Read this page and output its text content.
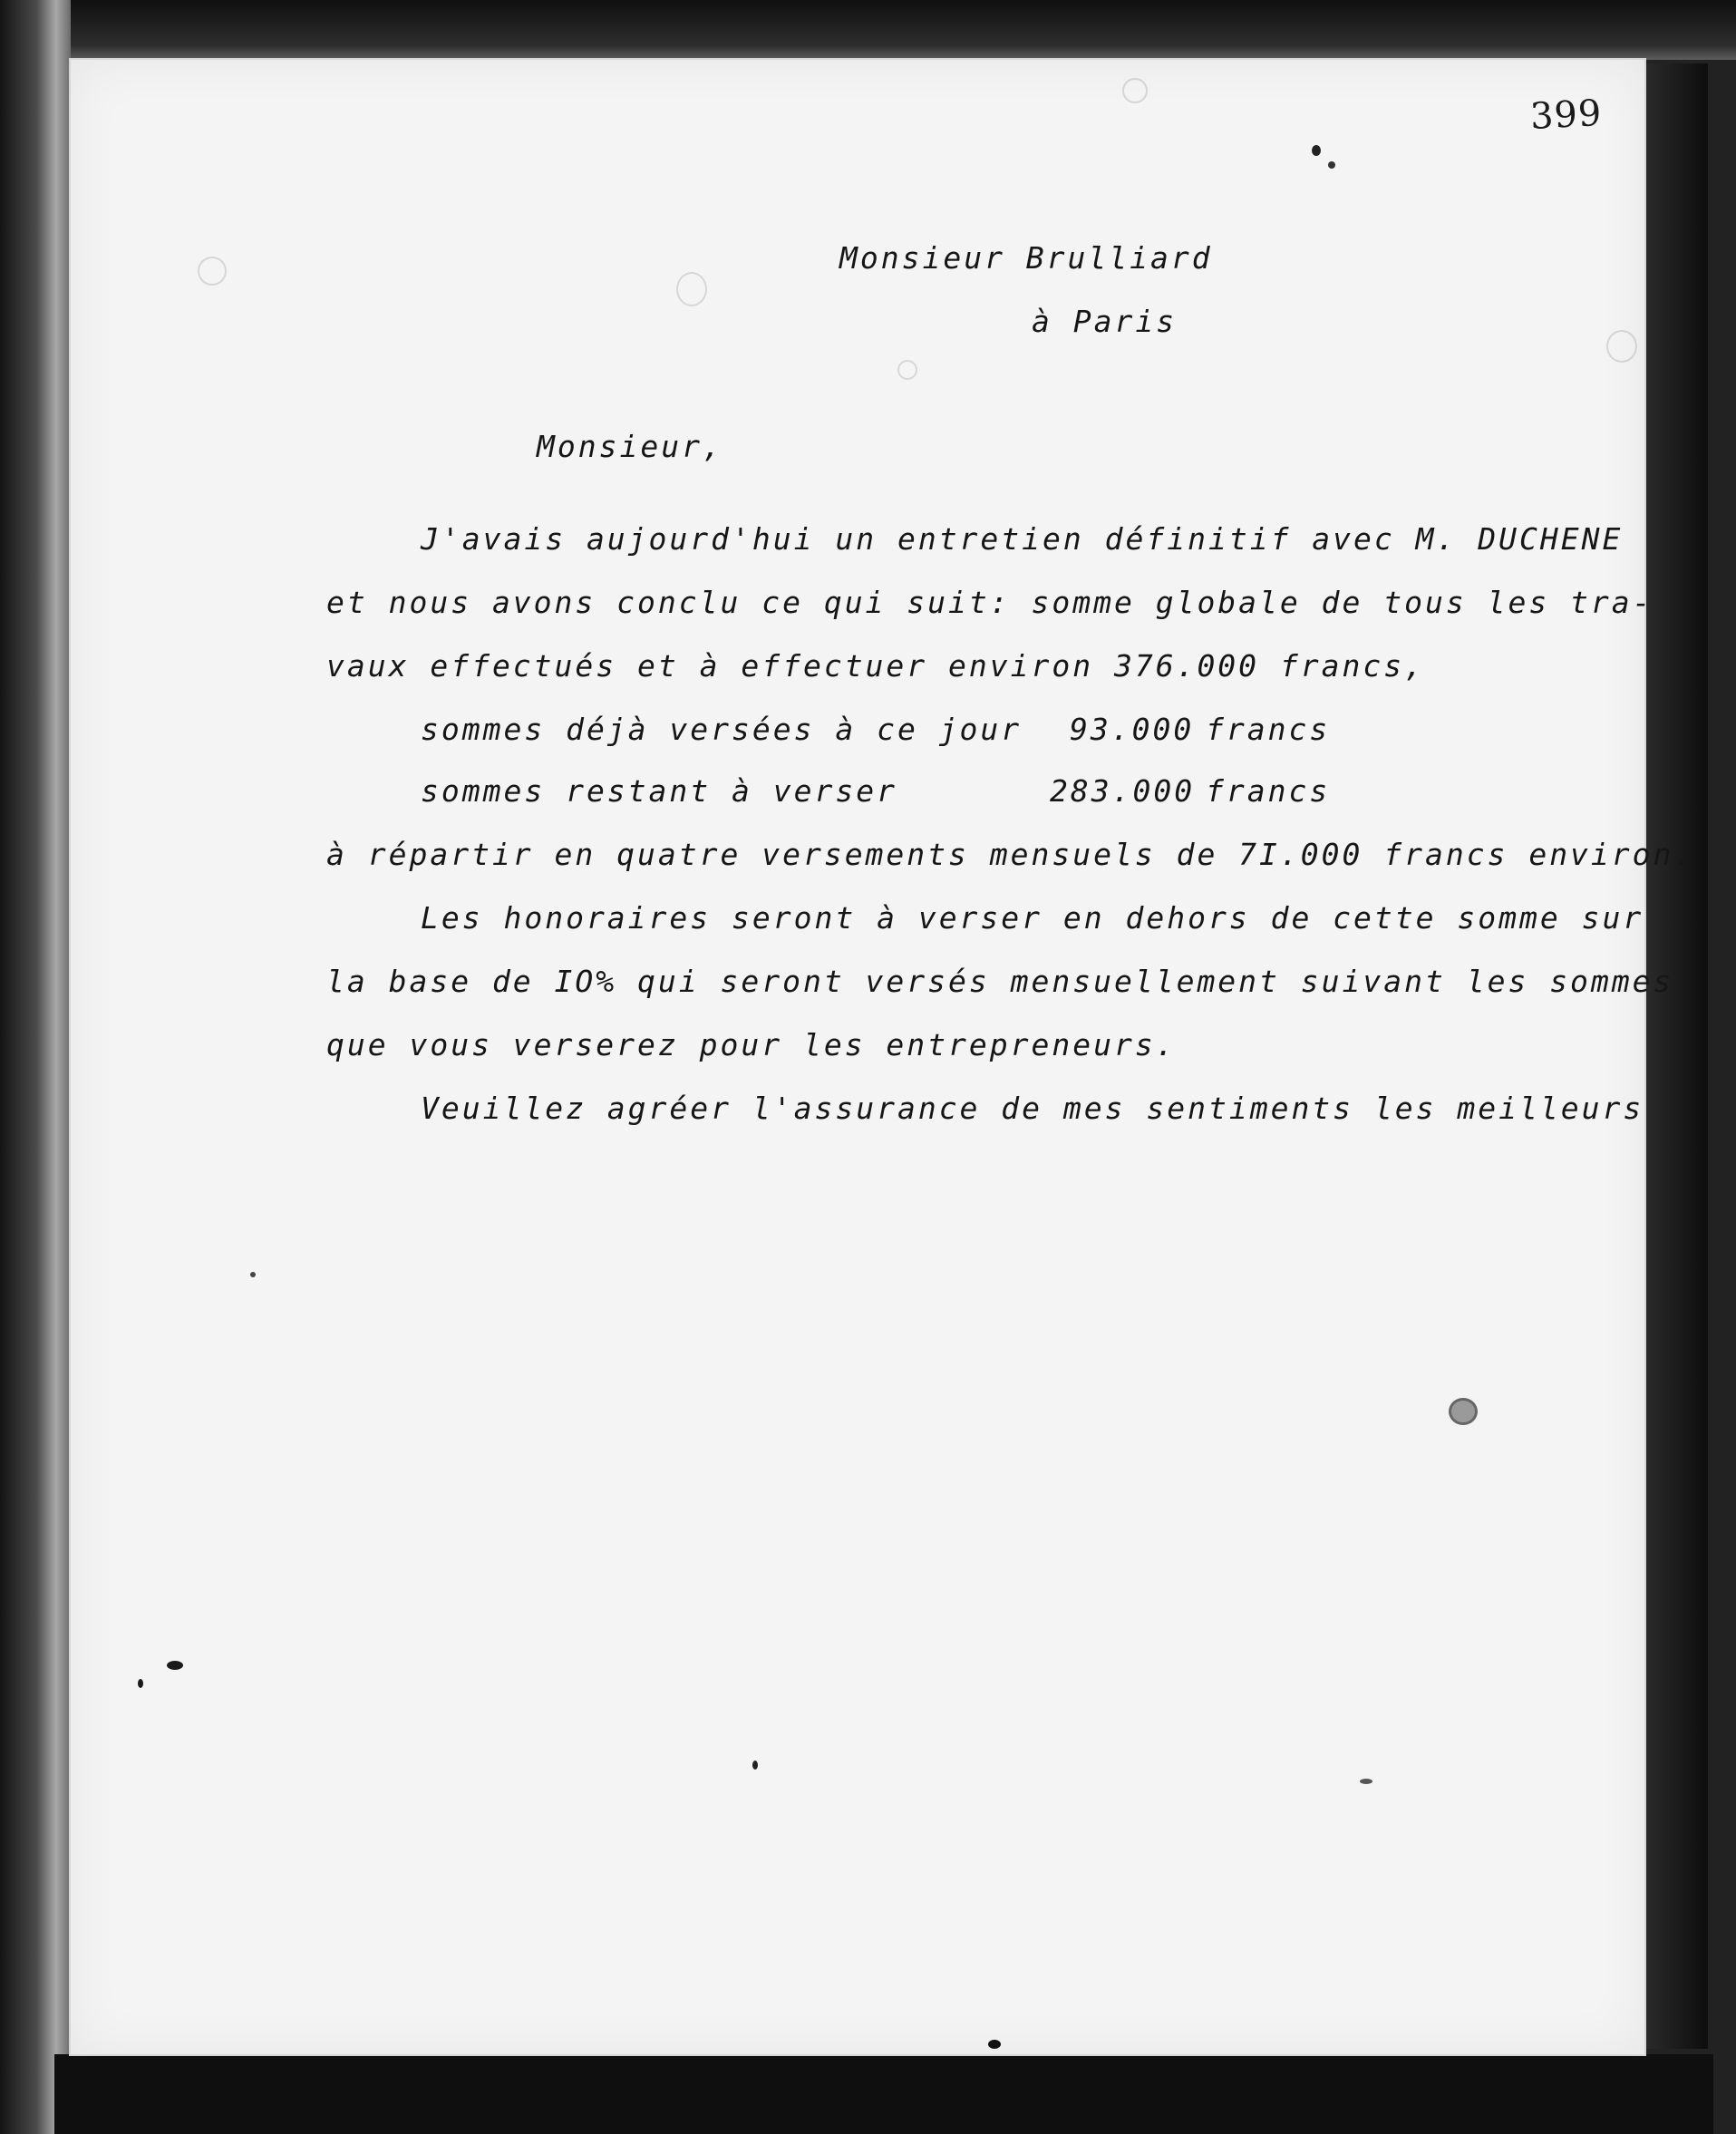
399

Monsieur Brulliard

à Paris

Monsieur,

J'avais aujourd'hui un entretien définitif avec M. DUCHENE

et nous avons conclu ce qui suit: somme globale de tous les tra-

vaux effectués et à effectuer environ 376.000 francs,

sommes déjà versées à ce jour 93.000 francs

sommes restant à verser	283.000 francs

à répartir en quatre versements mensuels de 7I.000 francs environ.

Les honoraires seront à verser en dehors de cette somme sur

la base de IO% qui seront versés mensuellement suivant les sommes

que vous verserez pour les entrepreneurs.

Veuillez agréer l'assurance de mes sentiments les meilleurs
